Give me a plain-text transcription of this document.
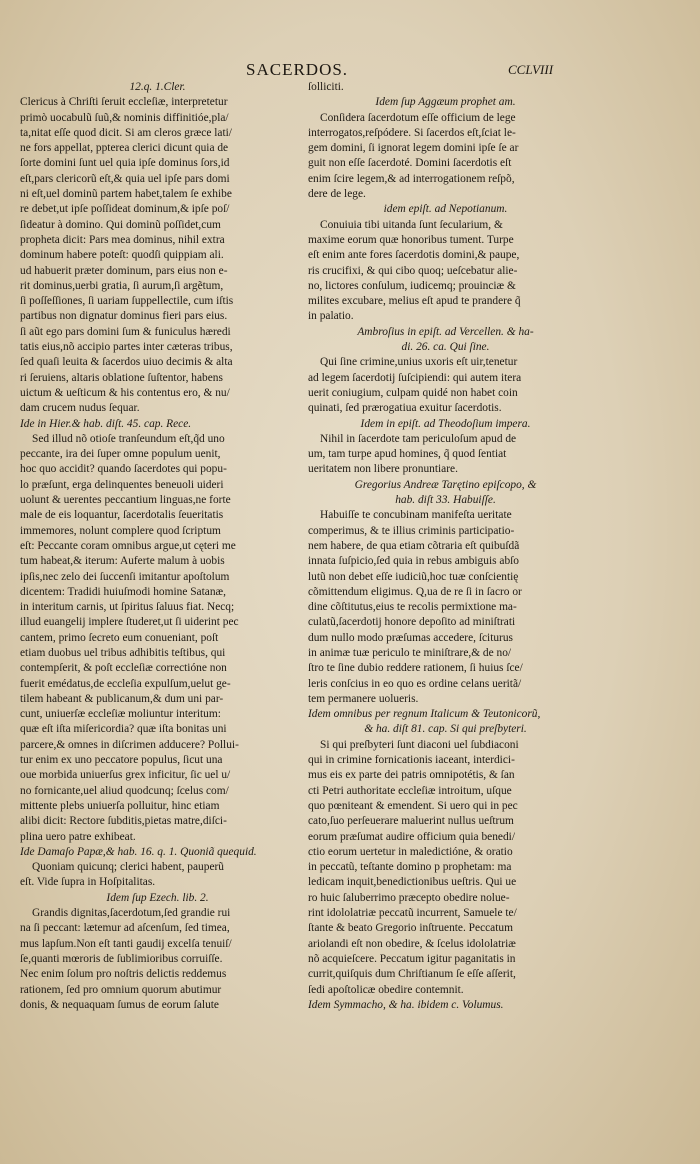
SACERDOS.	CCLVIII

12.q. 1.Cler.

Clericus à Chriſti ſeruit eccleſiæ, interpretetur

primò uocabulũ ſuũ,& nominis diffinitióe,pla/

ta,nitat eſſe quod dicit. Si am cleros græce lati/

ne fors appellat, ppterea clerici dicunt quia de

ſorte domini ſunt uel quia ipſe dominus ſors,id

eſt,pars clericorũ eſt,& quia uel ipſe pars domi

ni eſt,uel dominũ partem habet,talem ſe exhibe

re debet,ut ipſe poſſideat dominum,& ipſe poſ/

ſideatur à domino. Qui dominũ poſſidet,cum

propheta dicit: Pars mea dominus, nihil extra

dominum habere poteſt: quodſi quippiam ali.

ud habuerit præter dominum, pars eius non e-

rit dominus,uerbi gratia, ſi aurum,ſi argẽtum,

ſi poſſeſſiones, ſi uariam ſuppellectile, cum iſtis

partibus non dignatur dominus fieri pars eius.

ſi aũt ego pars domini ſum & funiculus hæredi

tatis eius,nõ accipio partes inter cæteras tribus,

ſed quaſi leuita & ſacerdos uiuo decimis & alta

ri ſeruiens, altaris oblatione ſuſtentor, habens

uictum & ueſticum & his contentus ero, & nu/

dam crucem nudus ſequar.

Ide in Hier.& hab. diſt. 45. cap. Rece.

Sed illud nõ otioſe tranſeundum eſt,q̃d uno

peccante, ira dei ſuper omne populum uenit,

hoc quo accidit? quando ſacerdotes qui popu-

lo præſunt, erga delinquentes beneuoli uideri

uolunt & uerentes peccantium linguas,ne forte

male de eis loquantur, ſacerdotalis ſeueritatis

immemores, nolunt complere quod ſcriptum

eſt: Peccante coram omnibus argue,ut cęteri me

tum habeat,& iterum: Auferte malum à uobis

ipſis,nec zelo dei ſuccenſi imitantur apoſtolum

dicentem: Tradidi huiuſmodi homine Satanæ,

in interitum carnis, ut ſpiritus ſaluus fiat. Necq;

illud euangelij implere ſtuderet,ut ſi uiderint pec

cantem, primo ſecreto eum conueniant, poſt

etiam duobus uel tribus adhibitis teſtibus, qui

contempſerit, & poſt eccleſiæ correctióne non

fuerit emédatus,de eccleſia expulſum,uelut ge-

tilem habeant & publicanum,& dum uni par-

cunt, uniuerſæ eccleſiæ moliuntur interitum:

quæ eſt iſta miſericordia? quæ iſta bonitas uni

parcere,& omnes in diſcrimen adducere? Pollui-

tur enim ex uno peccatore populus, ſicut una

oue morbida uniuerſus grex inficitur, ſic uel u/

no fornicante,uel aliud quodcunq; ſcelus com/

mittente plebs uniuerſa polluitur, hinc etiam

alibi dicit: Rectore ſubditis,pietas matre,diſci-

plina uero patre exhibeat.

Ide Damaſo Papæ,& hab. 16. q. 1. Quoniã quequid.

Quoniam quicunq; clerici habent, pauperũ

eſt. Vide ſupra in Hoſpitalitas.

Idem ſup Ezech. lib. 2.

Grandis dignitas,ſacerdotum,ſed grandie rui

na ſi peccant: lætemur ad aſcenſum, ſed timea,

mus lapſum.Non eſt tanti gaudij excelſa tenuiſ/

ſe,quanti mœroris de ſublimioribus corruiſſe.

Nec enim ſolum pro noſtris delictis reddemus

rationem, ſed pro omnium quorum abutimur

donis, & nequaquam ſumus de eorum ſalute

ſolliciti.

Idem ſup Aggæum prophet am.

Conſidera ſacerdotum eſſe officium de lege

interrogatos,reſpódere. Si ſacerdos eſt,ſciat le-

gem domini, ſi ignorat legem domini ipſe ſe ar

guit non eſſe ſacerdoté. Domini ſacerdotis eſt

enim ſcire legem,& ad interrogationem reſpõ,

dere de lege.

idem epiſt. ad Nepotianum.

Conuiuia tibi uitanda ſunt ſecularium, &

maxime eorum quæ honoribus tument. Turpe

eſt enim ante fores ſacerdotis domini,& paupe,

ris crucifixi, & qui cibo quoq; ueſcebatur alie-

no, lictores conſulum, iudicemq; prouinciæ &

milites excubare, melius eſt apud te prandere q̃

in palatio.

Ambroſius in epiſt. ad Vercellen. & ha-

di. 26. ca. Qui ſine.

Qui ſine crimine,unius uxoris eſt uir,tenetur

ad legem ſacerdotij ſuſcipiendi: qui autem itera

uerit coniugium, culpam quidé non habet coin

quinati, ſed prærogatiua exuitur ſacerdotis.

Idem in epiſt. ad Theodoſium impera.

Nihil in ſacerdote tam periculoſum apud de

um, tam turpe apud homines, q̃ quod ſentiat

ueritatem non libere pronuntiare.

Gregorius Andreæ Tarętino epiſcopo, &

hab. diſt 33. Habuiſſe.

Habuiſſe te concubinam manifeſta ueritate

comperimus, & te illius criminis participatio-

nem habere, de qua etiam cõtraria eſt quibuſdã

innata ſuſpicio,ſed quia in rebus ambiguis abſo

lutũ non debet eſſe iudiciũ,hoc tuæ conſcientię

cõmittendum eligimus. Q,ua de re ſi in ſacro or

dine cõſtitutus,eius te recolis permixtione ma-

culatũ,ſacerdotij honore depoſito ad miniſtrati

dum nullo modo præſumas accedere, ſciturus

in animæ tuæ periculo te miniſtrare,& de no/

ſtro te ſine dubio reddere rationem, ſi huius ſce/

leris conſcius in eo quo es ordine celans ueritã/

tem permanere uolueris.

Idem omnibus per regnum Italicum & Teutonicorũ,

& ha. diſt 81. cap. Si qui preſbyteri.

Si qui preſbyteri ſunt diaconi uel ſubdiaconi

qui in crimine fornicationis iaceant, interdici-

mus eis ex parte dei patris omnipotétis, & ſan

cti Petri authoritate eccleſiæ introitum, uſque

quo pœniteant & emendent. Si uero qui in pec

cato,ſuo perſeuerare maluerint nullus ueſtrum

eorum præſumat audire officium quia benedi/

ctio eorum uertetur in maledictióne, & oratio

in peccatũ, teſtante domino p prophetam: ma

ledicam inquit,benedictionibus ueſtris. Qui ue

ro huic ſaluberrimo præcepto obedire nolue-

rint idololatriæ peccatũ incurrent, Samuele te/

ſtante & beato Gregorio inſtruente. Peccatum

ariolandi eſt non obedire, & ſcelus idololatriæ

nõ acquieſcere. Peccatum igitur paganitatis in

currit,quiſquis dum Chriſtianum ſe eſſe aſſerit,

ſedi apoſtolicæ obedire contemnit.

Idem Symmacho, & ha. ibidem c. Volumus.
